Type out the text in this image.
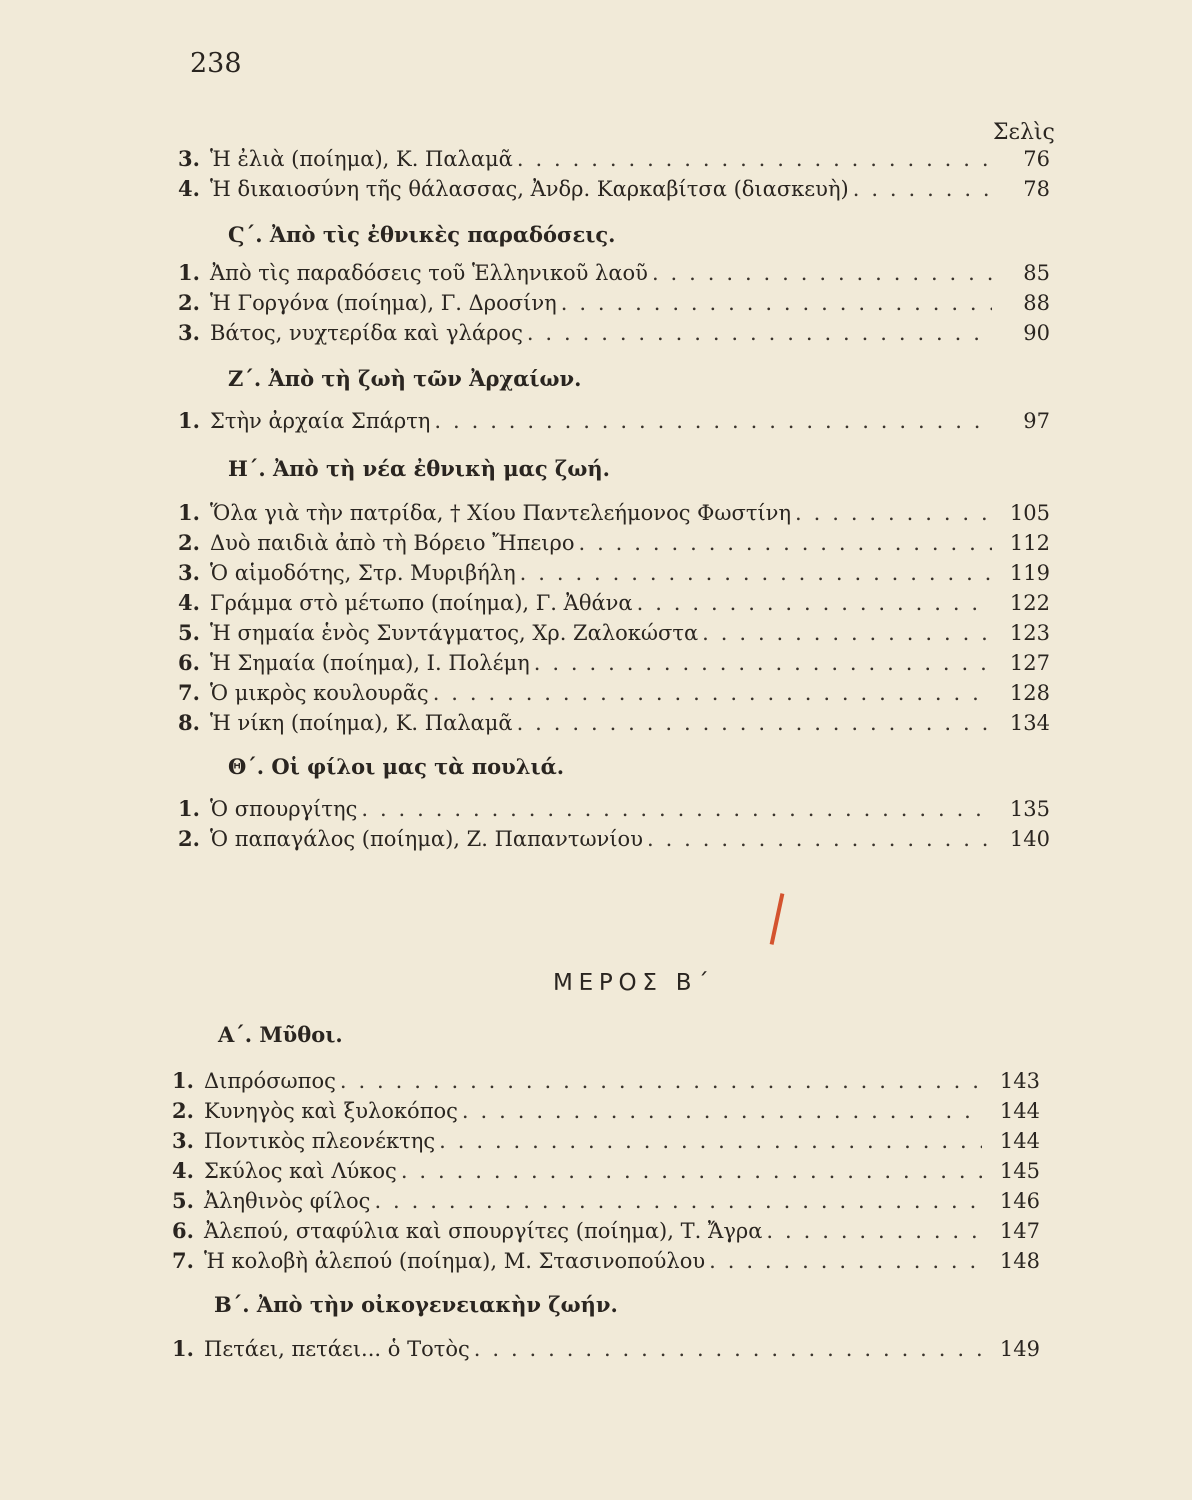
238
Σελὶς
3. Ἡ ἐλιὰ (ποίημα), Κ. Παλαμᾶ . . .	76
4. Ἡ δικαιοσύνη τῆς θάλασσας, Ἀνδρ. Καρκαβίτσα (διασκευὴ) . . .	78
Ϛ΄. Ἀπὸ τὶς ἐθνικὲς παραδόσεις.
1. Ἀπὸ τὶς παραδόσεις τοῦ Ἑλληνικοῦ λαοῦ . . .	85
2. Ἡ Γοργόνα (ποίημα), Γ. Δροσίνη . . .	88
3. Βάτος, νυχτερίδα καὶ γλάρος . . .	90
Ζ΄. Ἀπὸ τὴ ζωὴ τῶν Ἀρχαίων.
1. Στὴν ἀρχαία Σπάρτη . . .	97
Η΄. Ἀπὸ τὴ νέα ἐθνικὴ μας ζωή.
1. Ὅλα γιὰ τὴν πατρίδα, † Χίου Παντελεήμονος Φωστίνη . . .	105
2. Δυὸ παιδιὰ ἀπὸ τὴ Βόρειο Ἤπειρο . . .	112
3. Ὁ αἱμοδότης, Στρ. Μυριβήλη . . .	119
4. Γράμμα στὸ μέτωπο (ποίημα), Γ. Ἀθάνα . . .	122
5. Ἡ σημαία ἑνὸς Συντάγματος, Χρ. Ζαλοκώστα . . .	123
6. Ἡ Σημαία (ποίημα), Ι. Πολέμη . . .	127
7. Ὁ μικρὸς κουλουρᾶς . . .	128
8. Ἡ νίκη (ποίημα), Κ. Παλαμᾶ . . .	134
Θ΄. Οἱ φίλοι μας τὰ πουλιά.
1. Ὁ σπουργίτης . . .	135
2. Ὁ παπαγάλος (ποίημα), Ζ. Παπαντωνίου . . .	140
ΜΕΡΟΣ Β΄
Α΄. Μῦθοι.
1. Διπρόσωπος . . .	143
2. Κυνηγὸς καὶ ξυλοκόπος . . .	144
3. Ποντικὸς πλεονέκτης . . .	144
4. Σκύλος καὶ Λύκος . . .	145
5. Ἀληθινὸς φίλος . . .	146
6. Ἀλεπού, σταφύλια καὶ σπουργίτες (ποίημα), Τ. Ἄγρα . . .	147
7. Ἡ κολοβὴ ἀλεπού (ποίημα), Μ. Στασινοπούλου . . .	148
Β΄. Ἀπὸ τὴν οἰκογενειακὴν ζωήν.
1. Πετάει, πετάει... ὁ Τοτὸς . . .	149
